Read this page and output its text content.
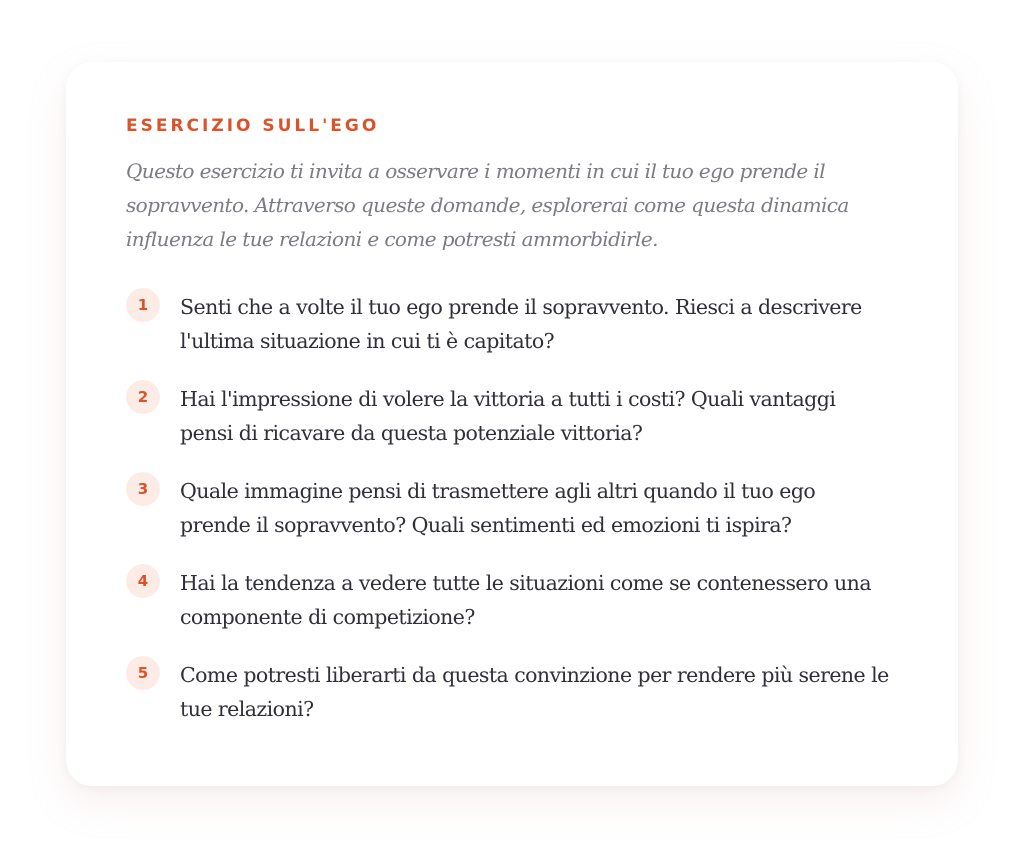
ESERCIZIO SULL'EGO

Questo esercizio ti invita a osservare i momenti in cui il tuo ego prende il sopravvento. Attraverso queste domande, esplorerai come questa dinamica influenza le tue relazioni e come potresti ammorbidirle.

1	Senti che a volte il tuo ego prende il sopravvento. Riesci a descrivere l'ultima situazione in cui ti è capitato?
2	Hai l'impressione di volere la vittoria a tutti i costi? Quali vantaggi pensi di ricavare da questa potenziale vittoria?
3	Quale immagine pensi di trasmettere agli altri quando il tuo ego prende il sopravvento? Quali sentimenti ed emozioni ti ispira?
4	Hai la tendenza a vedere tutte le situazioni come se contenessero una componente di competizione?
5	Come potresti liberarti da questa convinzione per rendere più serene le tue relazioni?
